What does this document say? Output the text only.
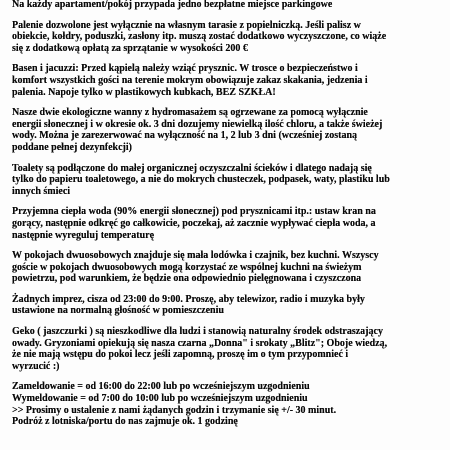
Na każdy apartament/pokój przypada jedno bezpłatne miejsce parkingowe
Palenie dozwolone jest wyłącznie na własnym tarasie z popielniczką. Jeśli palisz w
obiekcie, kołdry, poduszki, zasłony itp. muszą zostać dodatkowo wyczyszczone, co wiąże
się z dodatkową opłatą za sprzątanie w wysokości 200 €
Basen i jacuzzi: Przed kąpielą należy wziąć prysznic. W trosce o bezpieczeństwo i
komfort wszystkich gości na terenie mokrym obowiązuje zakaz skakania, jedzenia i
palenia. Napoje tylko w plastikowych kubkach, BEZ SZKŁA!
Nasze dwie ekologiczne wanny z hydromasażem są ogrzewane za pomocą wyłącznie
energii słonecznej i w okresie ok. 3 dni dozujemy niewielką ilość chloru, a także świeżej
wody. Można je zarezerwować na wyłączność na 1, 2 lub 3 dni (wcześniej zostaną
poddane pełnej dezynfekcji)
Toalety są podłączone do małej organicznej oczyszczalni ścieków i dlatego nadają się
tylko do papieru toaletowego, a nie do mokrych chusteczek, podpasek, waty, plastiku lub
innych śmieci
Przyjemna ciepła woda (90% energii słonecznej) pod prysznicami itp.: ustaw kran na
gorący, następnie odkręć go całkowicie, poczekaj, aż zacznie wypływać ciepła woda, a
następnie wyreguluj temperaturę
W pokojach dwuosobowych znajduje się mała lodówka i czajnik, bez kuchni. Wszyscy
goście w pokojach dwuosobowych mogą korzystać ze wspólnej kuchni na świeżym
powietrzu, pod warunkiem, że będzie ona odpowiednio pielęgnowana i czyszczona
Żadnych imprez, cisza od 23:00 do 9:00. Proszę, aby telewizor, radio i muzyka były
ustawione na normalną głośność w pomieszczeniu
Geko ( jaszczurki ) są nieszkodliwe dla ludzi i stanowią naturalny środek odstraszający
owady. Gryzoniami opiekują się nasza czarna „Donna" i srokaty „Blitz"; Oboje wiedzą,
że nie mają wstępu do pokoi lecz jeśli zapomną, proszę im o tym przypomnieć i
wyrzucić :)
Zameldowanie = od 16:00 do 22:00 lub po wcześniejszym uzgodnieniu
Wymeldowanie = od 7:00 do 10:00 lub po wcześniejszym uzgodnieniu
>> Prosimy o ustalenie z nami żądanych godzin i trzymanie się +/- 30 minut.
Podróż z lotniska/portu do nas zajmuje ok. 1 godzinę
